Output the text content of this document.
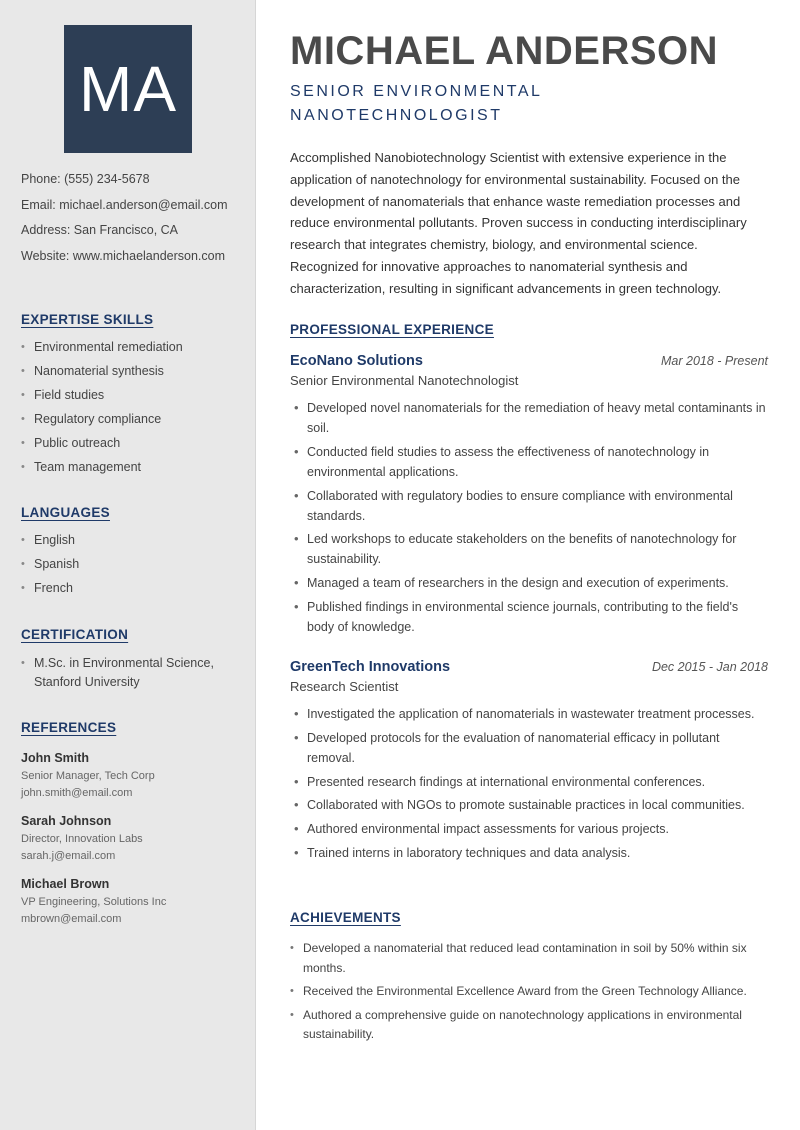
MA
Phone: (555) 234-5678
Email: michael.anderson@email.com
Address: San Francisco, CA
Website: www.michaelanderson.com
EXPERTISE SKILLS
• Environmental remediation
• Nanomaterial synthesis
• Field studies
• Regulatory compliance
• Public outreach
• Team management
LANGUAGES
• English
• Spanish
• French
CERTIFICATION
• M.Sc. in Environmental Science, Stanford University
REFERENCES
John Smith
Senior Manager, Tech Corp
john.smith@email.com
Sarah Johnson
Director, Innovation Labs
sarah.j@email.com
Michael Brown
VP Engineering, Solutions Inc
mbrown@email.com
MICHAEL ANDERSON
SENIOR ENVIRONMENTAL NANOTECHNOLOGIST
Accomplished Nanobiotechnology Scientist with extensive experience in the application of nanotechnology for environmental sustainability. Focused on the development of nanomaterials that enhance waste remediation processes and reduce environmental pollutants. Proven success in conducting interdisciplinary research that integrates chemistry, biology, and environmental science. Recognized for innovative approaches to nanomaterial synthesis and characterization, resulting in significant advancements in green technology.
PROFESSIONAL EXPERIENCE
EcoNano Solutions	Mar 2018 - Present
Senior Environmental Nanotechnologist
• Developed novel nanomaterials for the remediation of heavy metal contaminants in soil.
• Conducted field studies to assess the effectiveness of nanotechnology in environmental applications.
• Collaborated with regulatory bodies to ensure compliance with environmental standards.
• Led workshops to educate stakeholders on the benefits of nanotechnology for sustainability.
• Managed a team of researchers in the design and execution of experiments.
• Published findings in environmental science journals, contributing to the field's body of knowledge.
GreenTech Innovations	Dec 2015 - Jan 2018
Research Scientist
• Investigated the application of nanomaterials in wastewater treatment processes.
• Developed protocols for the evaluation of nanomaterial efficacy in pollutant removal.
• Presented research findings at international environmental conferences.
• Collaborated with NGOs to promote sustainable practices in local communities.
• Authored environmental impact assessments for various projects.
• Trained interns in laboratory techniques and data analysis.
ACHIEVEMENTS
• Developed a nanomaterial that reduced lead contamination in soil by 50% within six months.
• Received the Environmental Excellence Award from the Green Technology Alliance.
• Authored a comprehensive guide on nanotechnology applications in environmental sustainability.
